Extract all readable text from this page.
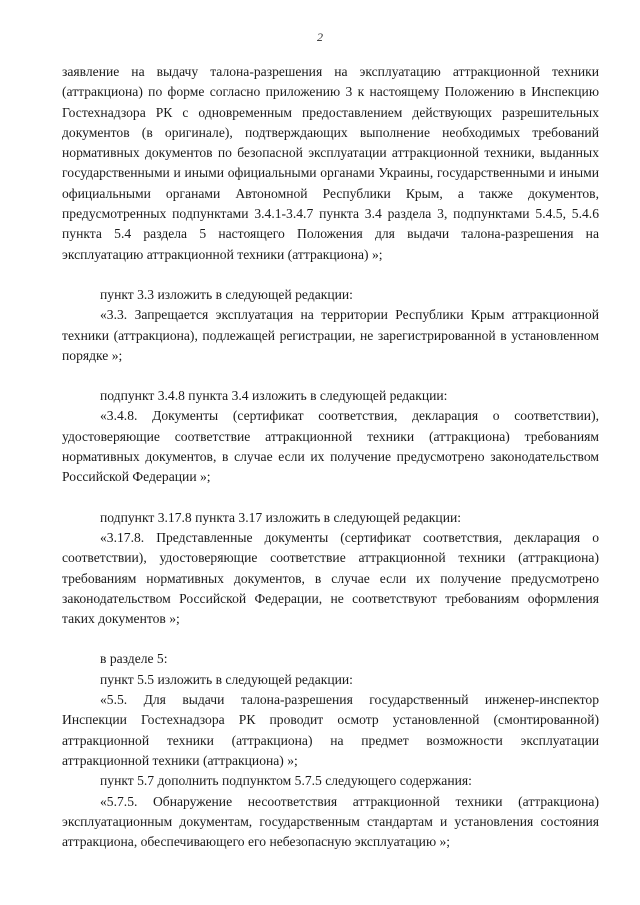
2

заявление на выдачу талона-разрешения на эксплуатацию аттракционной техники (аттракциона) по форме согласно приложению 3 к настоящему Положению в Инспекцию Гостехнадзора РК с одновременным предоставлением действующих разрешительных документов (в оригинале), подтверждающих выполнение необходимых требований нормативных документов по безопасной эксплуатации аттракционной техники, выданных государственными и иными официальными органами Украины, государственными и иными официальными органами Автономной Республики Крым, а также документов, предусмотренных подпунктами 3.4.1-3.4.7 пункта 3.4 раздела 3, подпунктами 5.4.5, 5.4.6 пункта 5.4 раздела 5 настоящего Положения для выдачи талона-разрешения на эксплуатацию аттракционной техники (аттракциона) »;

пункт 3.3 изложить в следующей редакции:

«3.3. Запрещается эксплуатация на территории Республики Крым аттракционной техники (аттракциона), подлежащей регистрации, не зарегистрированной в установленном порядке »;

подпункт 3.4.8 пункта 3.4 изложить в следующей редакции:

«3.4.8. Документы (сертификат соответствия, декларация о соответствии), удостоверяющие соответствие аттракционной техники (аттракциона) требованиям нормативных документов, в случае если их получение предусмотрено законодательством Российской Федерации »;

подпункт 3.17.8 пункта 3.17 изложить в следующей редакции:

«3.17.8. Представленные документы (сертификат соответствия, декларация о соответствии), удостоверяющие соответствие аттракционной техники (аттракциона) требованиям нормативных документов, в случае если их получение предусмотрено законодательством Российской Федерации, не соответствуют требованиям оформления таких документов »;

в разделе 5:

пункт 5.5 изложить в следующей редакции:

«5.5. Для выдачи талона-разрешения государственный инженер-инспектор Инспекции Гостехнадзора РК проводит осмотр установленной (смонтированной) аттракционной техники (аттракциона) на предмет возможности эксплуатации аттракционной техники (аттракциона) »;

пункт 5.7 дополнить подпунктом 5.7.5 следующего содержания:

«5.7.5. Обнаружение несоответствия аттракционной техники (аттракциона) эксплуатационным документам, государственным стандартам и установления состояния аттракциона, обеспечивающего его небезопасную эксплуатацию »;
